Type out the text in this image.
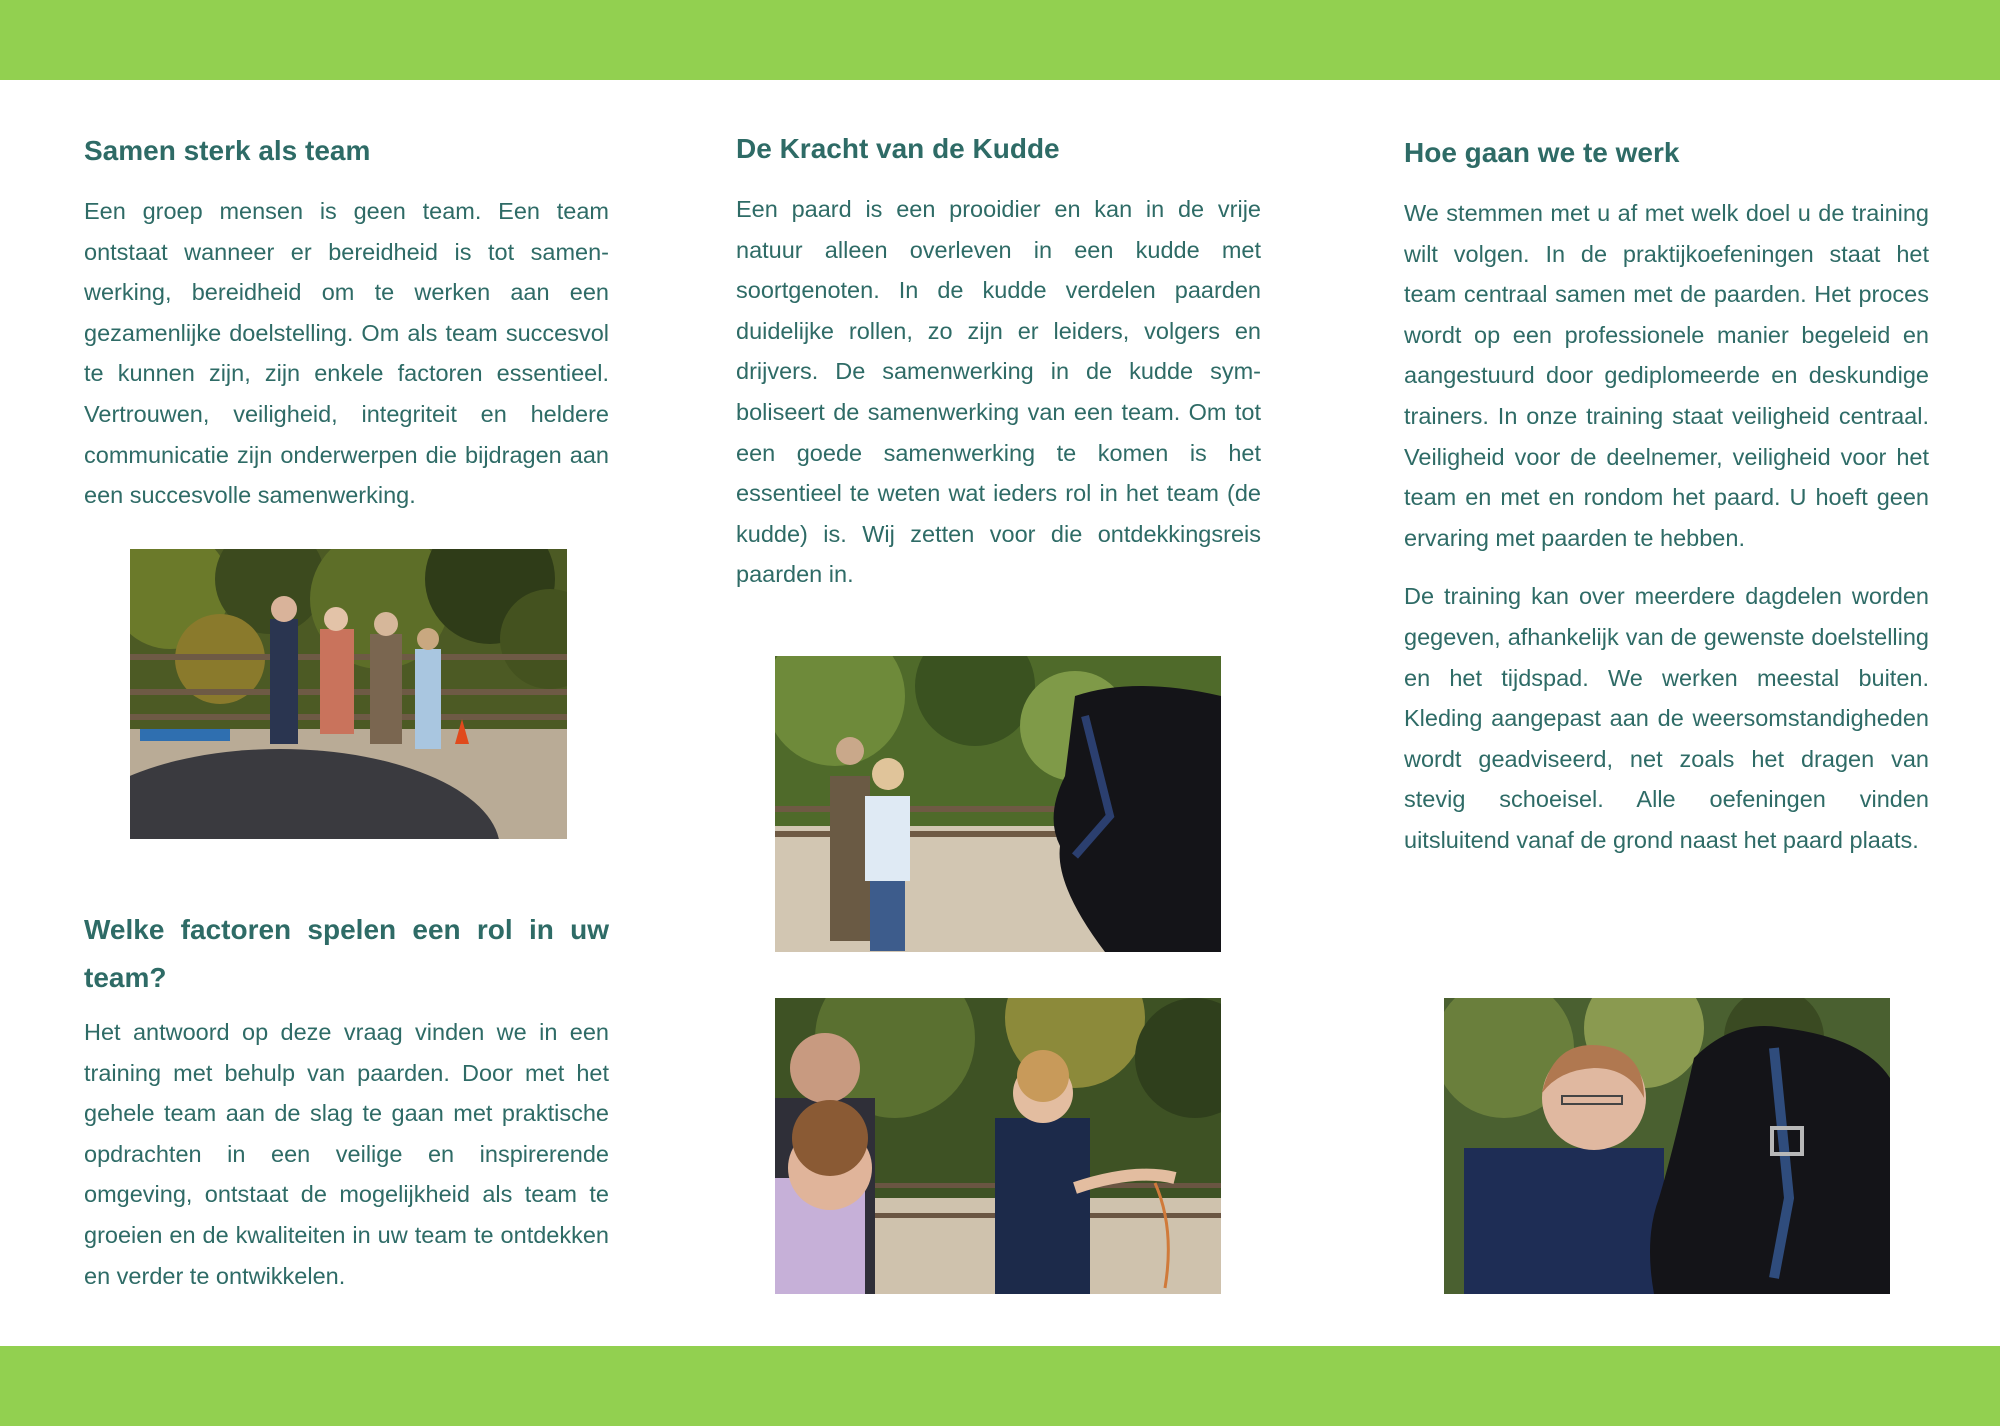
Samen sterk als team

Een groep mensen is geen team. Een team ontstaat wanneer er bereidheid is tot samenwerking, bereidheid om te werken aan een gezamenlijke doelstelling. Om als team succesvol te kunnen zijn, zijn enkele factoren essentieel. Vertrouwen, veiligheid, integriteit en heldere communicatie zijn onderwerpen die bijdragen aan een succesvolle samenwerking.

Welke factoren spelen een rol in uw team?

Het antwoord op deze vraag vinden we in een training met behulp van paarden. Door met het gehele team aan de slag te gaan met praktische opdrachten in een veilige en inspirerende omgeving, ontstaat de mogelijkheid als team te groeien en de kwaliteiten in uw team te ontdekken en verder te ontwikkelen.

De Kracht van de Kudde

Een paard is een prooidier en kan in de vrije natuur alleen overleven in een kudde met soortgenoten. In de kudde verdelen paarden duidelijke rollen, zo zijn er leiders, volgers en drijvers. De samenwerking in de kudde symboliseert de samenwerking van een team. Om tot een goede samenwerking te komen is het essentieel te weten wat ieders rol in het team (de kudde) is. Wij zetten voor die ontdekkingsreis paarden in.

Hoe gaan we te werk

We stemmen met u af met welk doel u de training wilt volgen. In de praktijkoefeningen staat het team centraal samen met de paarden. Het proces wordt op een professionele manier begeleid en aangestuurd door gediplomeerde en deskundige trainers. In onze training staat veiligheid centraal. Veiligheid voor de deelnemer, veiligheid voor het team en met en rondom het paard. U hoeft geen ervaring met paarden te hebben.

De training kan over meerdere dagdelen worden gegeven, afhankelijk van de gewenste doelstelling en het tijdspad. We werken meestal buiten. Kleding aangepast aan de weersomstandigheden wordt geadviseerd, net zoals het dragen van stevig schoeisel. Alle oefeningen vinden uitsluitend vanaf de grond naast het paard plaats.
